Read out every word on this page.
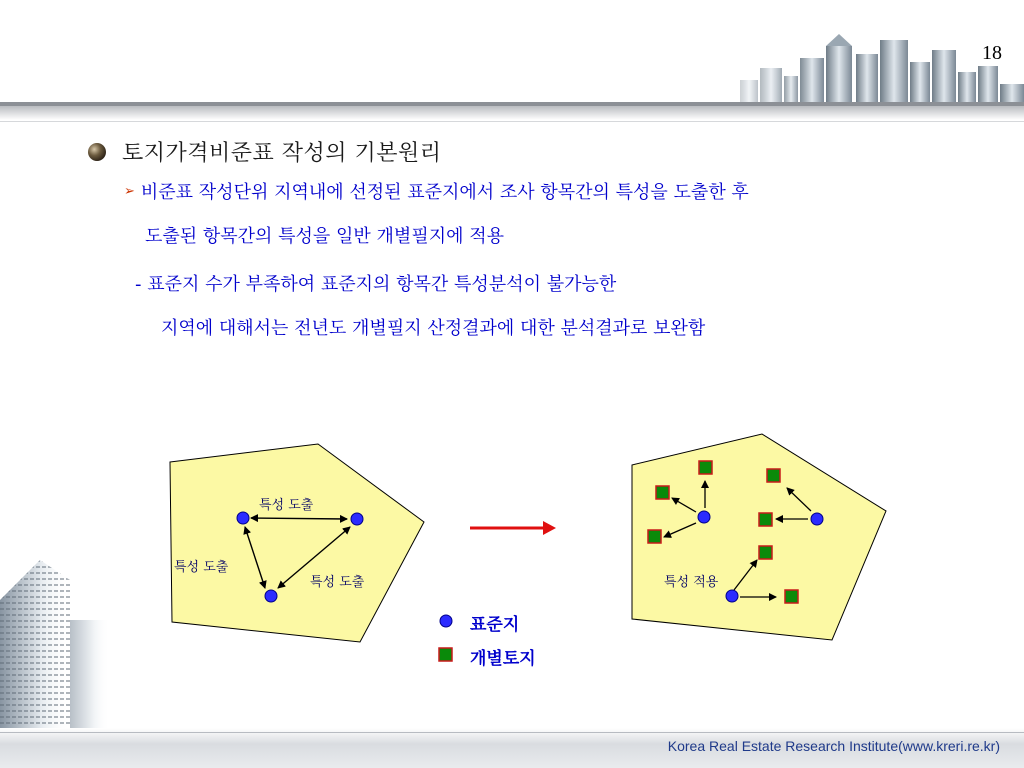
18
토지가격비준표 작성의 기본원리
➢ 비준표 작성단위 지역내에 선정된 표준지에서 조사 항목간의 특성을 도출한 후
도출된 항목간의 특성을 일반 개별필지에 적용
- 표준지 수가 부족하여 표준지의 항목간 특성분석이 불가능한
지역에 대해서는 전년도 개별필지 산정결과에 대한 분석결과로 보완함
특성 도출
특성 도출
특성 도출	특성 적용
표준지
개별토지
Korea Real Estate Research Institute(www.kreri.re.kr)
